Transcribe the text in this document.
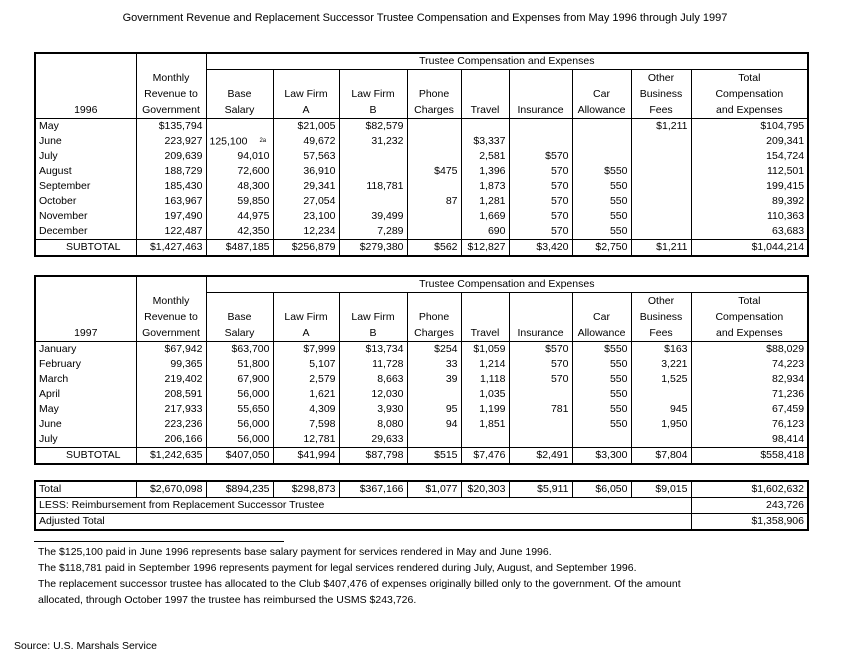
Government Revenue and Replacement Successor Trustee Compensation and Expenses from May 1996 through July 1997
		Trustee Compensation and Expenses								
	Monthly								Other	Total
	Revenue to	Base	Law Firm	Law Firm	Phone			Car	Business	Compensation
1996	Government	Salary	A	B	Charges	Travel	Insurance	Allowance	Fees	and Expenses
May	$135,794		$21,005	$82,579					$1,211	$104,795
June	223,927	125,100 2a	49,672	31,232		$3,337				209,341
July	209,639	94,010	57,563			2,581	$570			154,724
August	188,729	72,600	36,910		$475	1,396	570	$550		112,501
September	185,430	48,300	29,341	118,781		1,873	570	550		199,415
October	163,967	59,850	27,054		87	1,281	570	550		89,392
November	197,490	44,975	23,100	39,499		1,669	570	550		110,363
December	122,487	42,350	12,234	7,289		690	570	550		63,683
SUBTOTAL	$1,427,463	$487,185	$256,879	$279,380	$562	$12,827	$3,420	$2,750	$1,211	$1,044,214
		Trustee Compensation and Expenses								
	Monthly								Other	Total
	Revenue to	Base	Law Firm	Law Firm	Phone			Car	Business	Compensation
1997	Government	Salary	A	B	Charges	Travel	Insurance	Allowance	Fees	and Expenses
January	$67,942	$63,700	$7,999	$13,734	$254	$1,059	$570	$550	$163	$88,029
February	99,365	51,800	5,107	11,728	33	1,214	570	550	3,221	74,223
March	219,402	67,900	2,579	8,663	39	1,118	570	550	1,525	82,934
April	208,591	56,000	1,621	12,030		1,035		550		71,236
May	217,933	55,650	4,309	3,930	95	1,199	781	550	945	67,459
June	223,236	56,000	7,598	8,080	94	1,851		550	1,950	76,123
July	206,166	56,000	12,781	29,633						98,414
SUBTOTAL	$1,242,635	$407,050	$41,994	$87,798	$515	$7,476	$2,491	$3,300	$7,804	$558,418
Total	$2,670,098	$894,235	$298,873	$367,166	$1,077	$20,303	$5,911	$6,050	$9,015	$1,602,632
LESS: Reimbursement from Replacement Successor Trustee										243,726
Adjusted Total										$1,358,906
The $125,100 paid in June 1996 represents base salary payment for services rendered in May and June 1996.
The $118,781 paid in September 1996 represents payment for legal services rendered during July, August, and September 1996.
The replacement successor trustee has allocated to the Club $407,476 of expenses originally billed only to the government. Of the amount
allocated, through October 1997 the trustee has reimbursed the USMS $243,726.
Source: U.S. Marshals Service
